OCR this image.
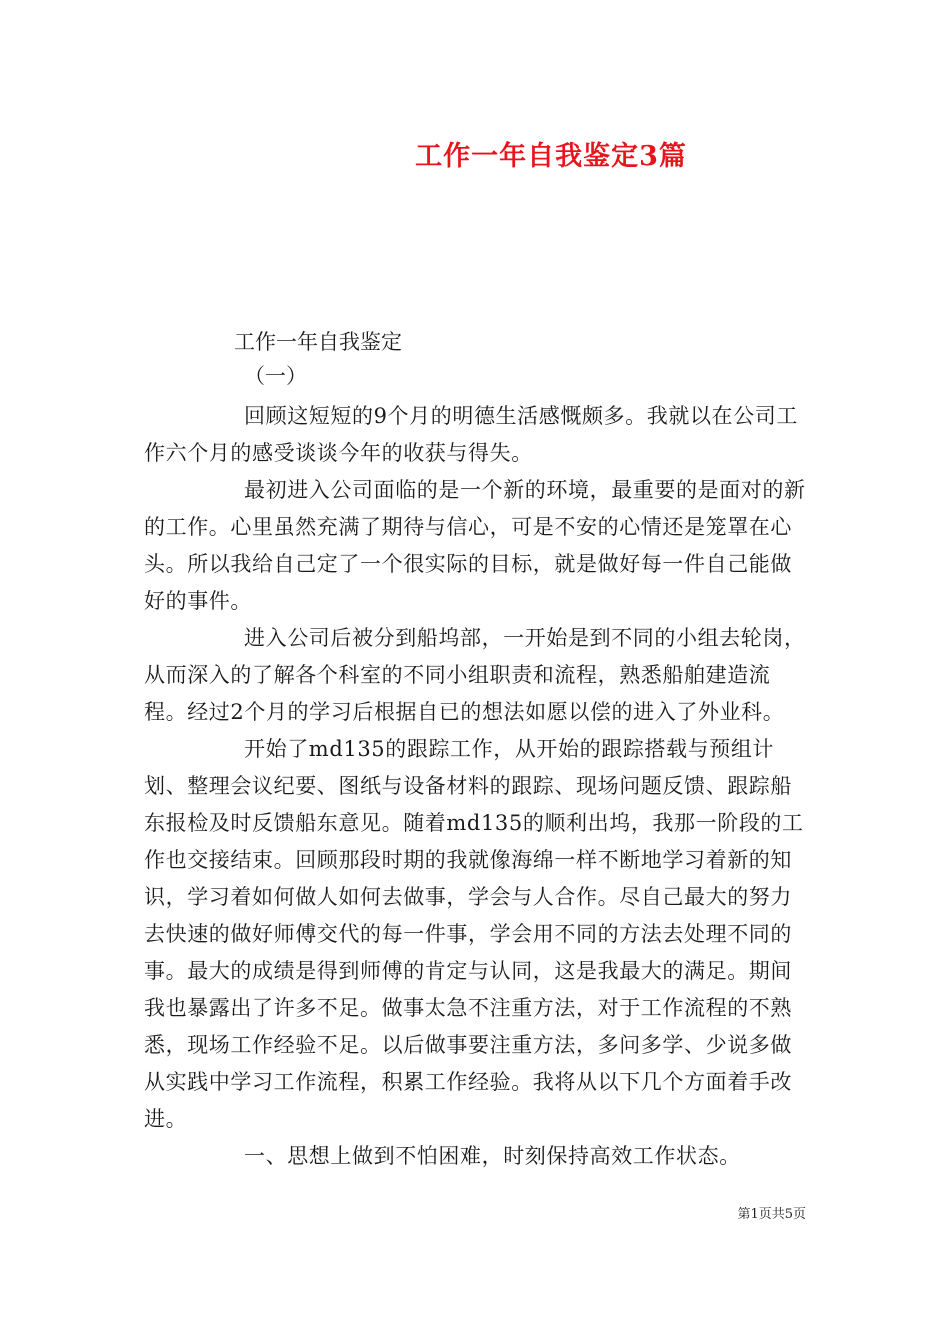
工作一年自我鉴定3篇
工作一年自我鉴定
（一）

回顾这短短的9个月的明德生活感慨颇多。我就以在公司工作六个月的感受谈谈今年的收获与得失。

最初进入公司面临的是一个新的环境，最重要的是面对的新的工作。心里虽然充满了期待与信心，可是不安的心情还是笼罩在心头。所以我给自己定了一个很实际的目标，就是做好每一件自己能做好的事件。

进入公司后被分到船坞部，一开始是到不同的小组去轮岗，从而深入的了解各个科室的不同小组职责和流程，熟悉船舶建造流程。经过2个月的学习后根据自已的想法如愿以偿的进入了外业科。

开始了md135的跟踪工作，从开始的跟踪搭载与预组计划、整理会议纪要、图纸与设备材料的跟踪、现场问题反馈、跟踪船东报检及时反馈船东意见。随着md135的顺利出坞，我那一阶段的工作也交接结束。回顾那段时期的我就像海绵一样不断地学习着新的知识，学习着如何做人如何去做事，学会与人合作。尽自己最大的努力去快速的做好师傅交代的每一件事，学会用不同的方法去处理不同的事。最大的成绩是得到师傅的肯定与认同，这是我最大的满足。期间我也暴露出了许多不足。做事太急不注重方法，对于工作流程的不熟悉，现场工作经验不足。以后做事要注重方法，多问多学、少说多做从实践中学习工作流程，积累工作经验。我将从以下几个方面着手改进。

一、思想上做到不怕困难，时刻保持高效工作状态。

第1页共5页
